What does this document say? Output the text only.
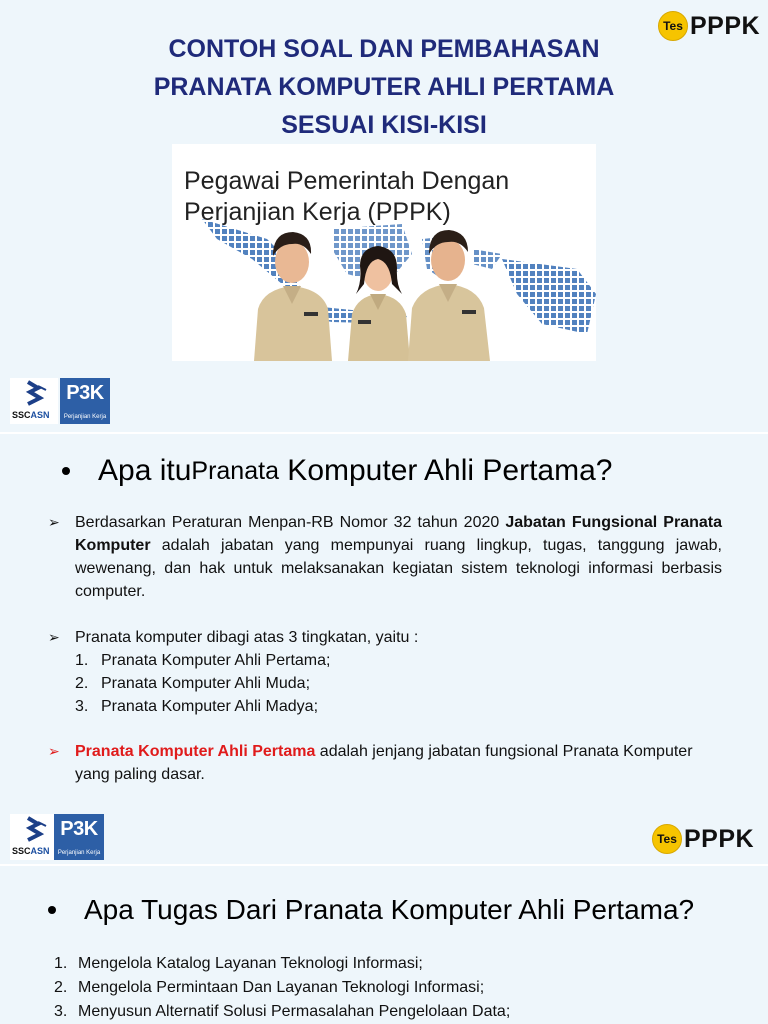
Tes PPPK
CONTOH SOAL DAN PEMBAHASAN
PRANATA KOMPUTER AHLI PERTAMA
SESUAI KISI-KISI
Pegawai Pemerintah Dengan
Perjanjian Kerja (PPPK)
SSCASN
P3K
Perjanjian Kerja
Apa itu Pranata Komputer Ahli Pertama?
➢ Berdasarkan Peraturan Menpan-RB Nomor 32 tahun 2020 Jabatan Fungsional Pranata Komputer adalah jabatan yang mempunyai ruang lingkup, tugas, tanggung jawab, wewenang, dan hak untuk melaksanakan kegiatan sistem teknologi informasi berbasis computer.
➢ Pranata komputer dibagi atas 3 tingkatan, yaitu :
1. Pranata Komputer Ahli Pertama;
2. Pranata Komputer Ahli Muda;
3. Pranata Komputer Ahli Madya;
➢ Pranata Komputer Ahli Pertama adalah jenjang jabatan fungsional Pranata Komputer yang paling dasar.
SSCASN
P3K
Perjanjian Kerja
Tes PPPK
Apa Tugas Dari Pranata Komputer Ahli Pertama?
1. Mengelola Katalog Layanan Teknologi Informasi;
2. Mengelola Permintaan Dan Layanan Teknologi Informasi;
3. Menyusun Alternatif Solusi Permasalahan Pengelolaan Data;
